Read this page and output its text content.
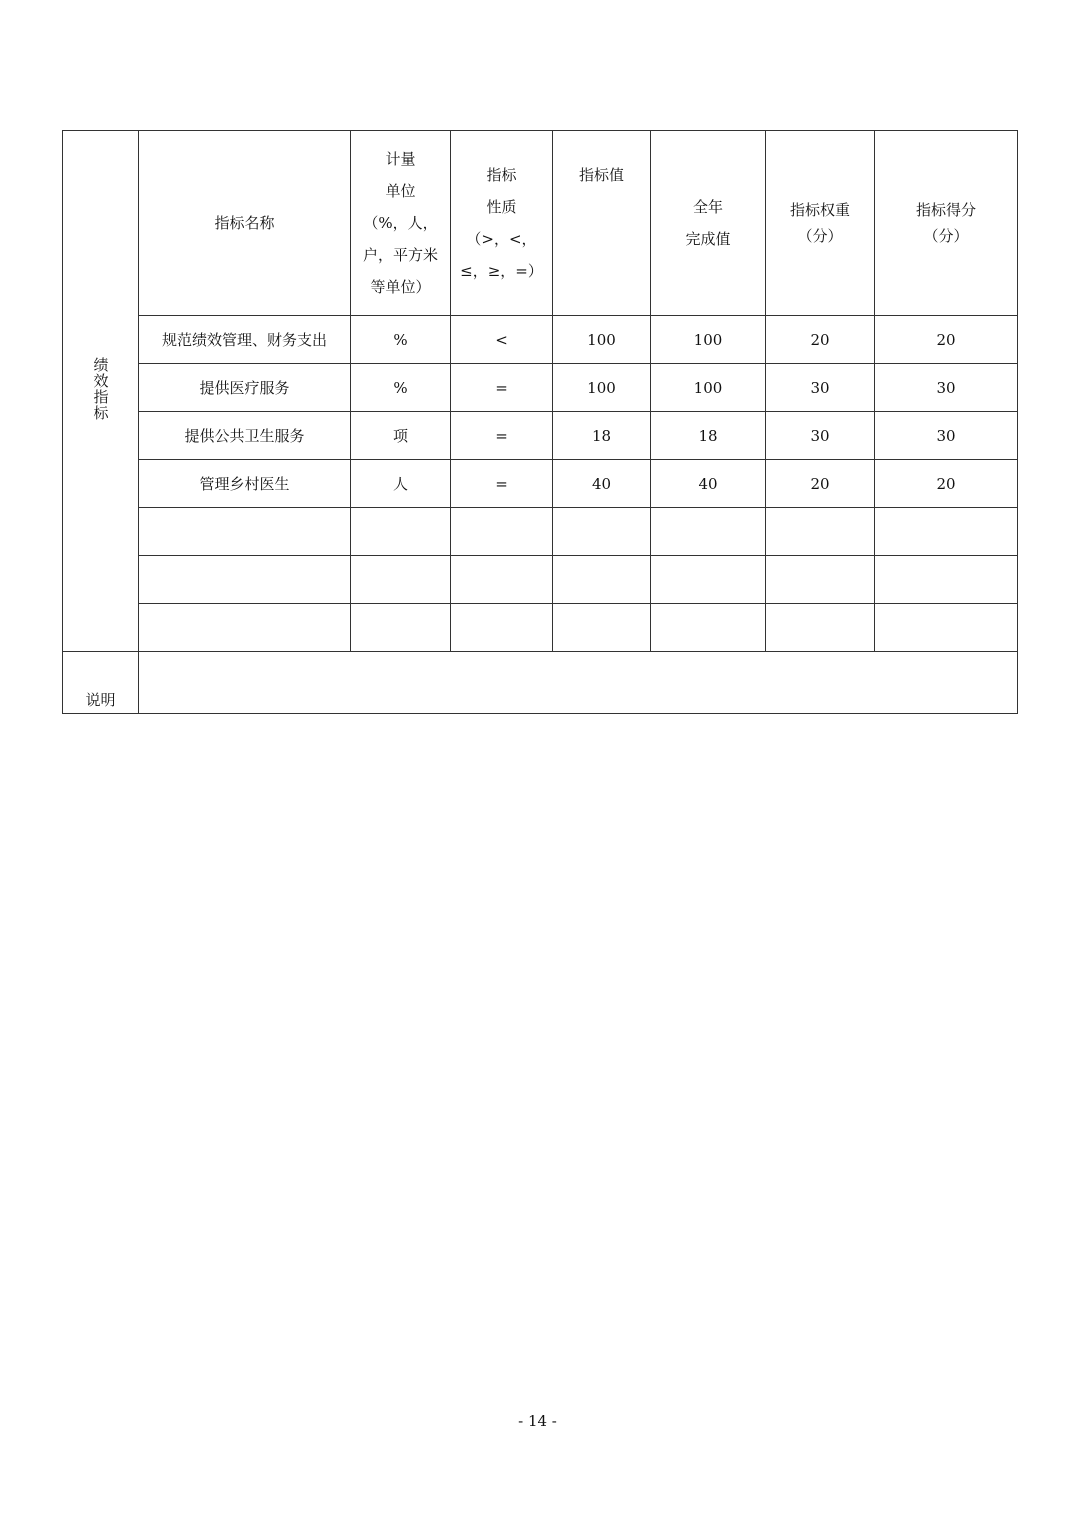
绩效指标	指标名称	计量
单位
（%，人，
户，平方米
等单位）	指标
性质
（>，<，
≤，≥，=）	指标值	全年
完成值	指标权重
（分）	指标得分
（分）

	规范绩效管理、财务支出	%	<	100	100	20	20
	提供医疗服务	%	=	100	100	30	30
	提供公共卫生服务	项	=	18	18	30	30
	管理乡村医生	人	=	40	40	20	20

说明							
- 14 -
